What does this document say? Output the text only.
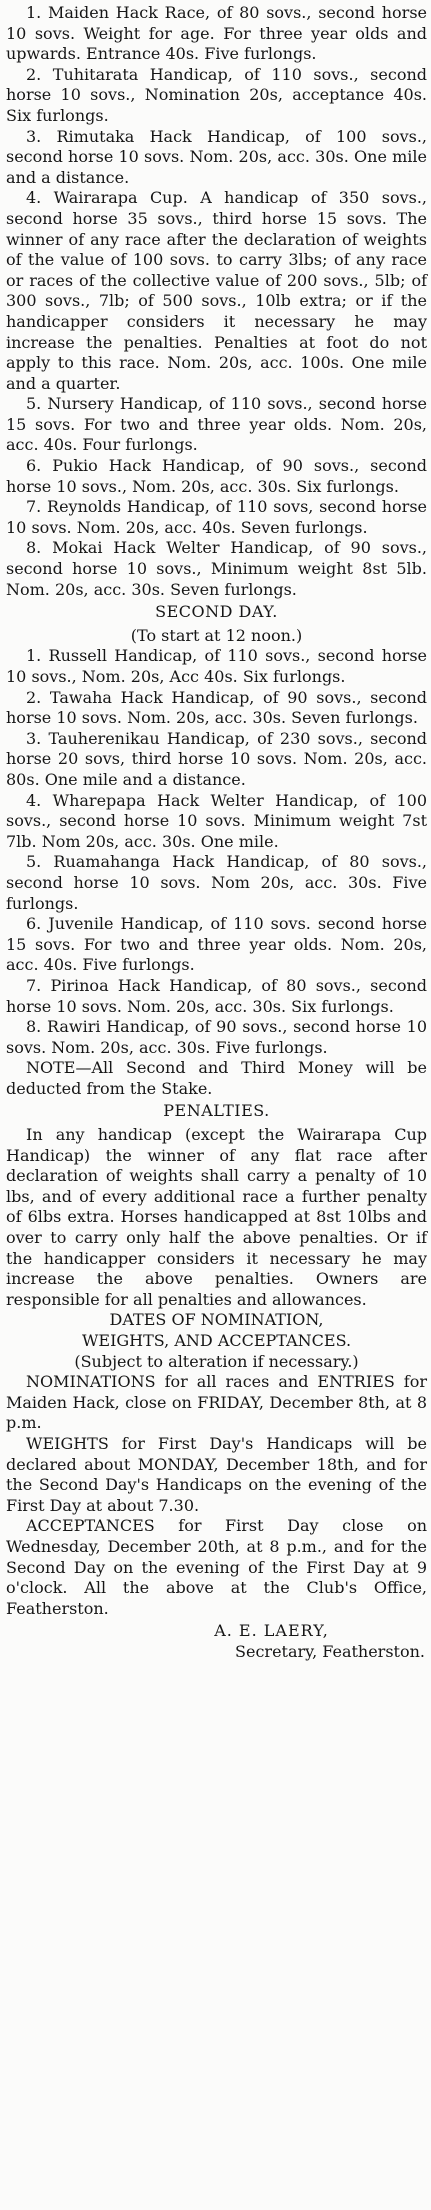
1. Maiden Hack Race, of 80 sovs., second horse 10 sovs. Weight for age. For three year olds and upwards. Entrance 40s. Five furlongs.

2. Tuhitarata Handicap, of 110 sovs., second horse 10 sovs., Nomination 20s, acceptance 40s. Six furlongs.

3. Rimutaka Hack Handicap, of 100 sovs., second horse 10 sovs. Nom. 20s, acc. 30s. One mile and a distance.

4. Wairarapa Cup. A handicap of 350 sovs., second horse 35 sovs., third horse 15 sovs. The winner of any race after the declaration of weights of the value of 100 sovs. to carry 3lbs; of any race or races of the collective value of 200 sovs., 5lb; of 300 sovs., 7lb; of 500 sovs., 10lb extra; or if the handicapper considers it necessary he may increase the penalties. Penalties at foot do not apply to this race. Nom. 20s, acc. 100s. One mile and a quarter.

5. Nursery Handicap, of 110 sovs., second horse 15 sovs. For two and three year olds. Nom. 20s, acc. 40s. Four furlongs.

6. Pukio Hack Handicap, of 90 sovs., second horse 10 sovs., Nom. 20s, acc. 30s. Six furlongs.

7. Reynolds Handicap, of 110 sovs, second horse 10 sovs. Nom. 20s, acc. 40s. Seven furlongs.

8. Mokai Hack Welter Handicap, of 90 sovs., second horse 10 sovs., Minimum weight 8st 5lb. Nom. 20s, acc. 30s. Seven furlongs.

SECOND DAY.

(To start at 12 noon.)

1. Russell Handicap, of 110 sovs., second horse 10 sovs., Nom. 20s, Acc 40s. Six furlongs.

2. Tawaha Hack Handicap, of 90 sovs., second horse 10 sovs. Nom. 20s, acc. 30s. Seven furlongs.

3. Tauherenikau Handicap, of 230 sovs., second horse 20 sovs, third horse 10 sovs. Nom. 20s, acc. 80s. One mile and a distance.

4. Wharepapa Hack Welter Handicap, of 100 sovs., second horse 10 sovs. Minimum weight 7st 7lb. Nom 20s, acc. 30s. One mile.

5. Ruamahanga Hack Handicap, of 80 sovs., second horse 10 sovs. Nom 20s, acc. 30s. Five furlongs.

6. Juvenile Handicap, of 110 sovs. second horse 15 sovs. For two and three year olds. Nom. 20s, acc. 40s. Five furlongs.

7. Pirinoa Hack Handicap, of 80 sovs., second horse 10 sovs. Nom. 20s, acc. 30s. Six furlongs.

8. Rawiri Handicap, of 90 sovs., second horse 10 sovs. Nom. 20s, acc. 30s. Five furlongs.

NOTE—All Second and Third Money will be deducted from the Stake.

PENALTIES.

In any handicap (except the Wairarapa Cup Handicap) the winner of any flat race after declaration of weights shall carry a penalty of 10 lbs, and of every additional race a further penalty of 6lbs extra. Horses handicapped at 8st 10lbs and over to carry only half the above penalties. Or if the handicapper considers it necessary he may increase the above penalties. Owners are responsible for all penalties and allowances.

DATES OF NOMINATION,
WEIGHTS, AND ACCEPTANCES.

(Subject to alteration if necessary.)

NOMINATIONS for all races and ENTRIES for Maiden Hack, close on FRIDAY, December 8th, at 8 p.m.

WEIGHTS for First Day's Handicaps will be declared about MONDAY, December 18th, and for the Second Day's Handicaps on the evening of the First Day at about 7.30.

ACCEPTANCES for First Day close on Wednesday, December 20th, at 8 p.m., and for the Second Day on the evening of the First Day at 9 o'clock. All the above at the Club's Office, Featherston.

A. E. LAERY,

Secretary, Featherston.
